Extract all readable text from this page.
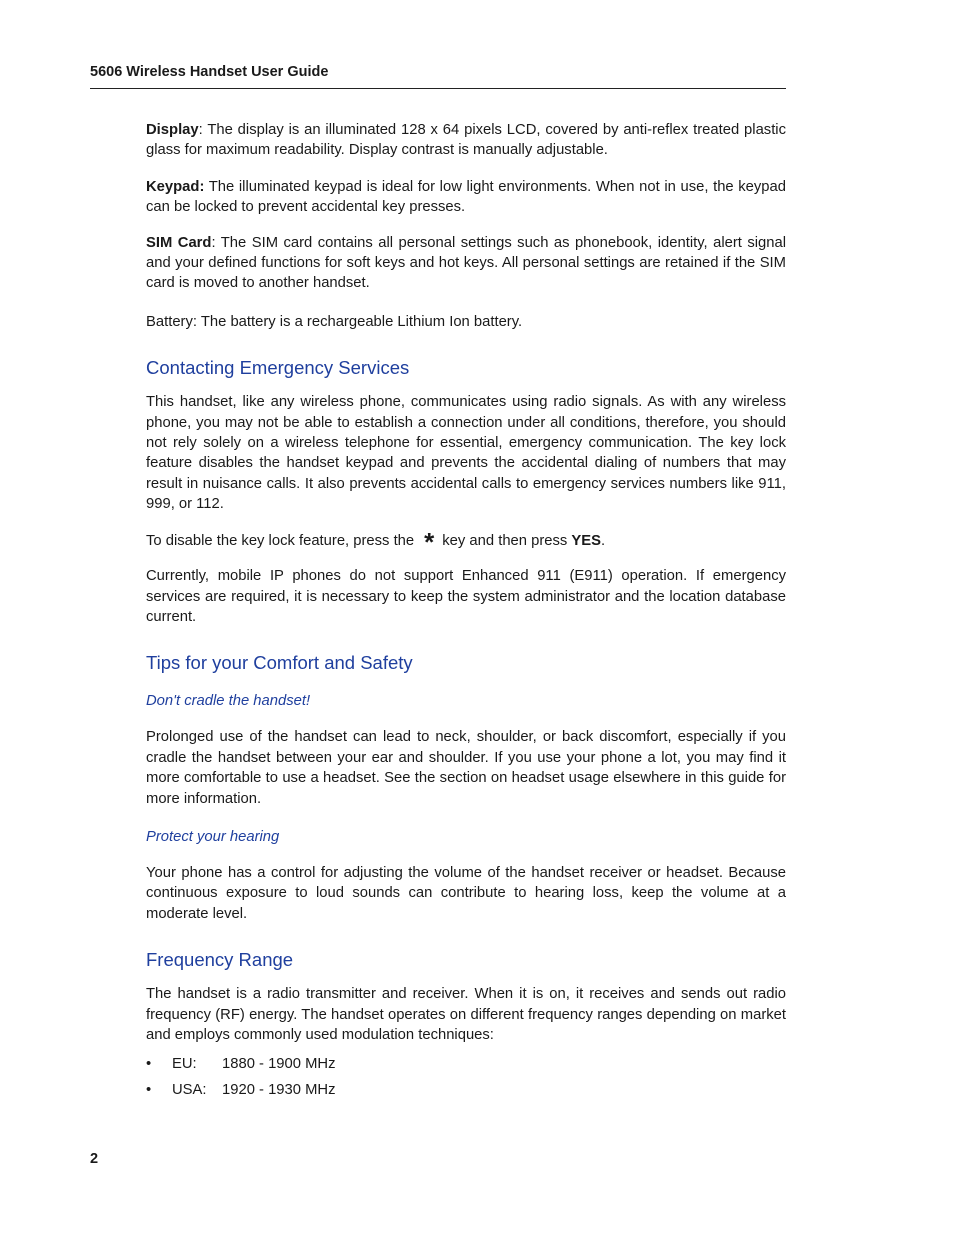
5606 Wireless Handset User Guide

Display: The display is an illuminated 128 x 64 pixels LCD, covered by anti-reflex treated plastic glass for maximum readability. Display contrast is manually adjustable.

Keypad: The illuminated keypad is ideal for low light environments. When not in use, the keypad can be locked to prevent accidental key presses.

SIM Card: The SIM card contains all personal settings such as phonebook, identity, alert signal and your defined functions for soft keys and hot keys. All personal settings are retained if the SIM card is moved to another handset.

Battery: The battery is a rechargeable Lithium Ion battery.

Contacting Emergency Services

This handset, like any wireless phone, communicates using radio signals. As with any wireless phone, you may not be able to establish a connection under all conditions, therefore, you should not rely solely on a wireless telephone for essential, emergency communication. The key lock feature disables the handset keypad and prevents the accidental dialing of numbers that may result in nuisance calls. It also prevents accidental calls to emergency services numbers like 911, 999, or 112.

To disable the key lock feature, press the * key and then press YES.

Currently, mobile IP phones do not support Enhanced 911 (E911) operation. If emergency services are required, it is necessary to keep the system administrator and the location database current.

Tips for your Comfort and Safety
Don't cradle the handset!

Prolonged use of the handset can lead to neck, shoulder, or back discomfort, especially if you cradle the handset between your ear and shoulder. If you use your phone a lot, you may find it more comfortable to use a headset. See the section on headset usage elsewhere in this guide for more information.

Protect your hearing

Your phone has a control for adjusting the volume of the handset receiver or headset. Because continuous exposure to loud sounds can contribute to hearing loss, keep the volume at a moderate level.

Frequency Range

The handset is a radio transmitter and receiver. When it is on, it receives and sends out radio frequency (RF) energy. The handset operates on different frequency ranges depending on market and employs commonly used modulation techniques:

• EU: 1880 - 1900 MHz
• USA: 1920 - 1930 MHz
2
